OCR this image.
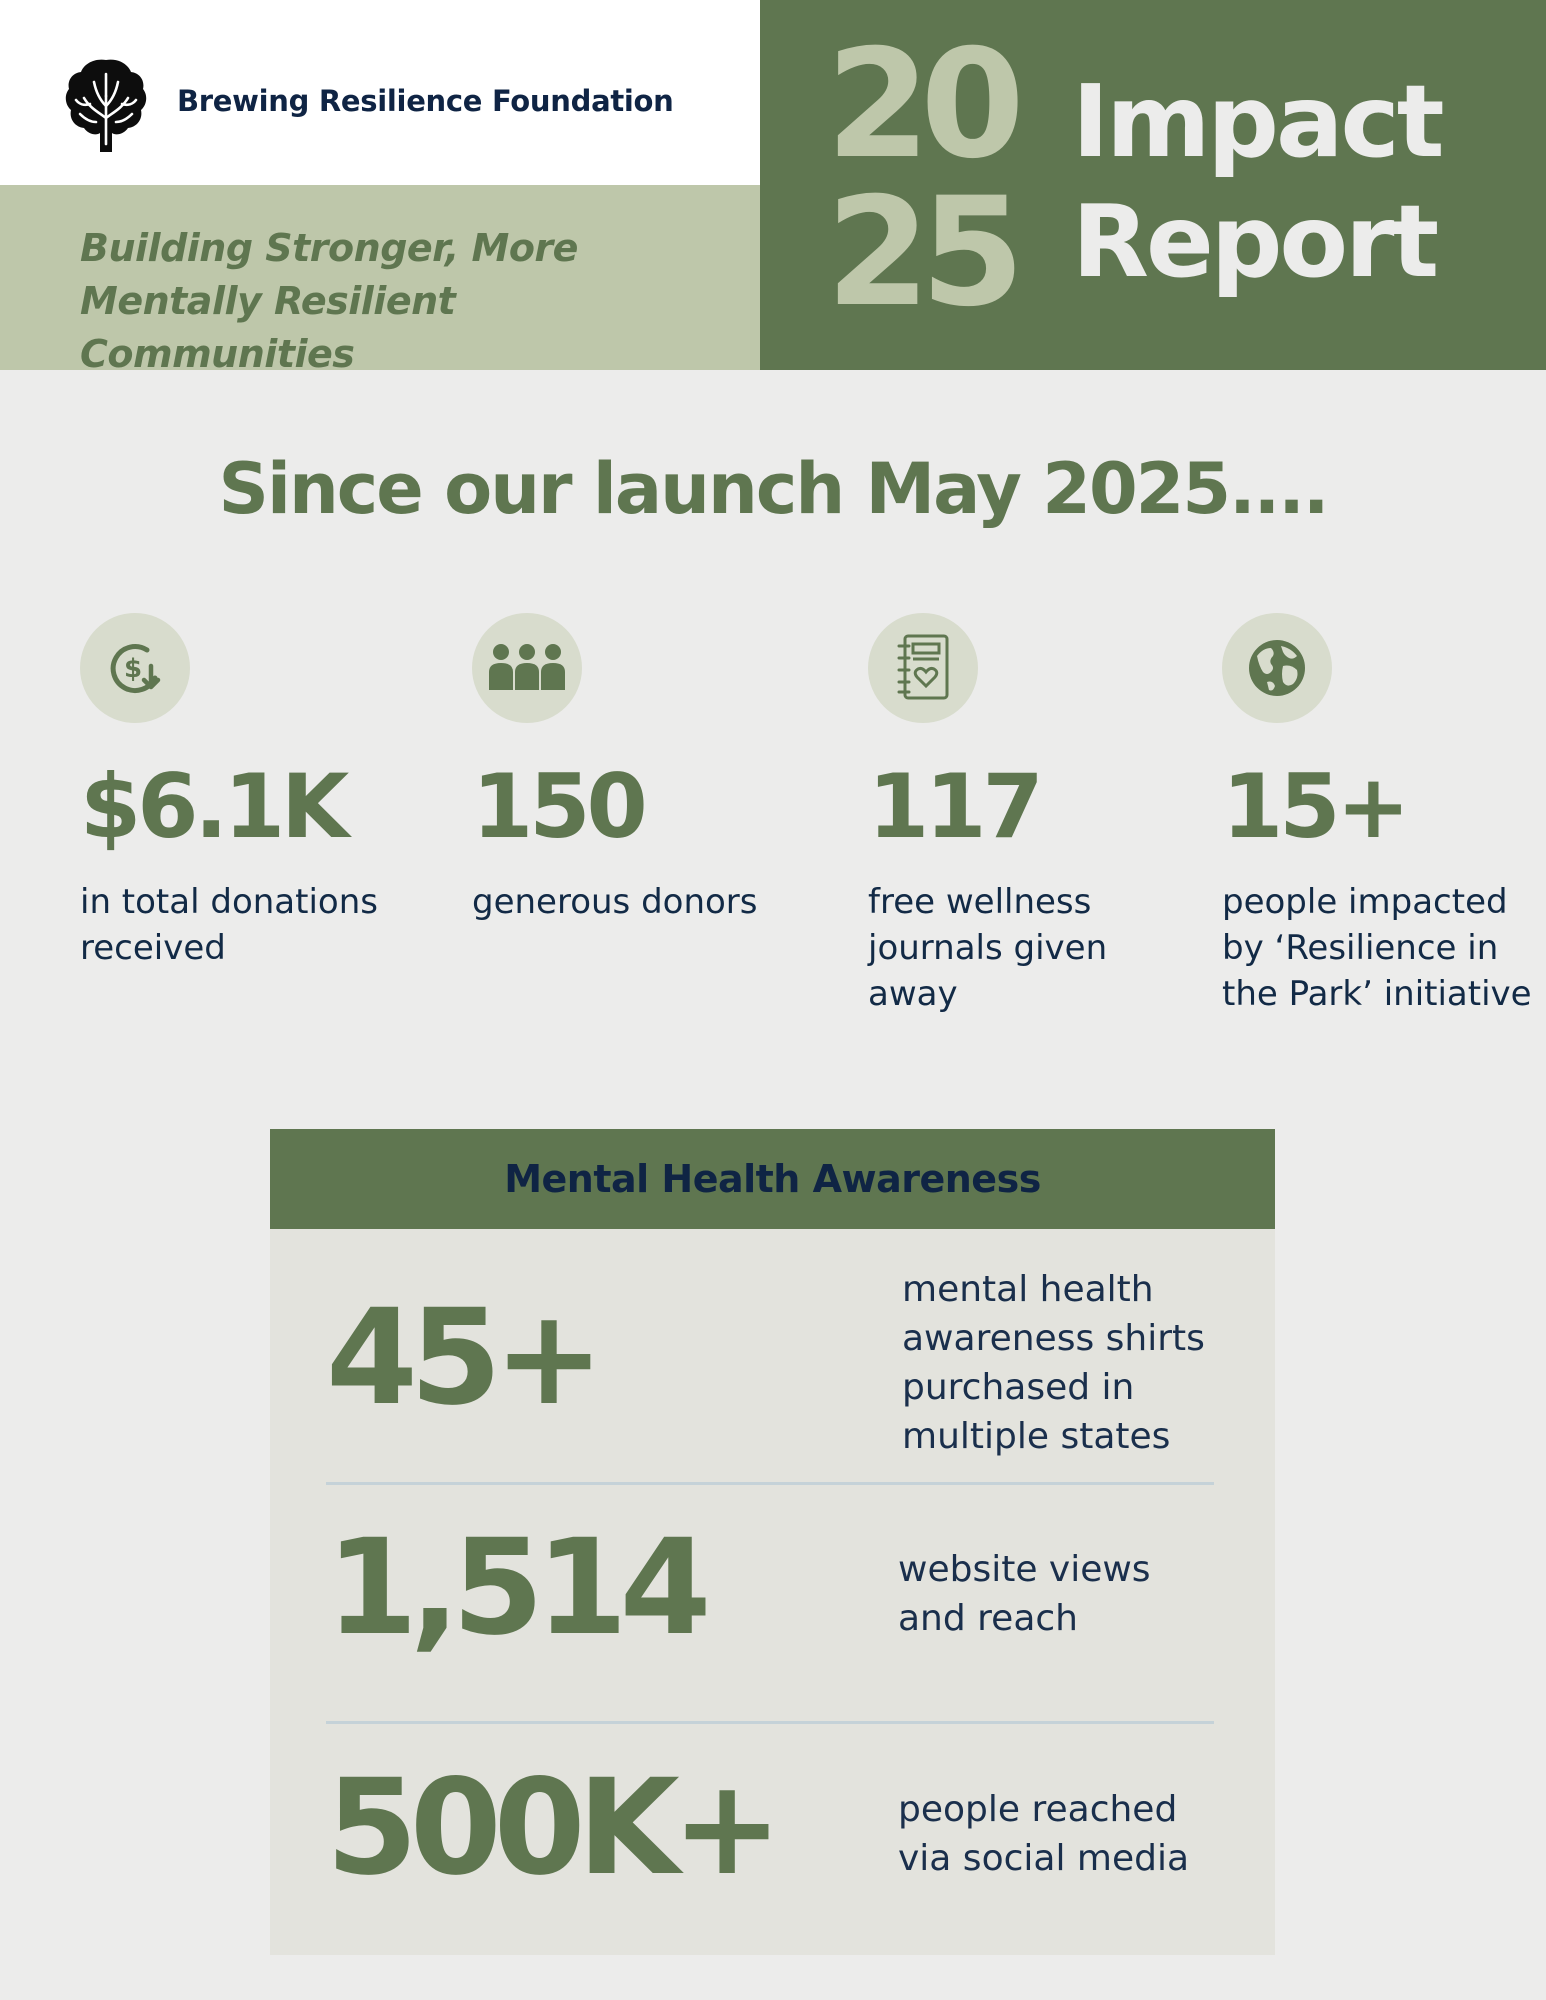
Brewing Resilience Foundation
Building Stronger, More Mentally Resilient Communities
20
25
Impact
Report
Since our launch May 2025....
$
$6.1K
in total donations received
150
generous donors
117
free wellness journals given away
15+
people impacted by ‘Resilience in the Park’ initiative
Mental Health Awareness
45+	mental health awareness shirts purchased in multiple states
1,514	website views and reach
500K+	people reached via social media
